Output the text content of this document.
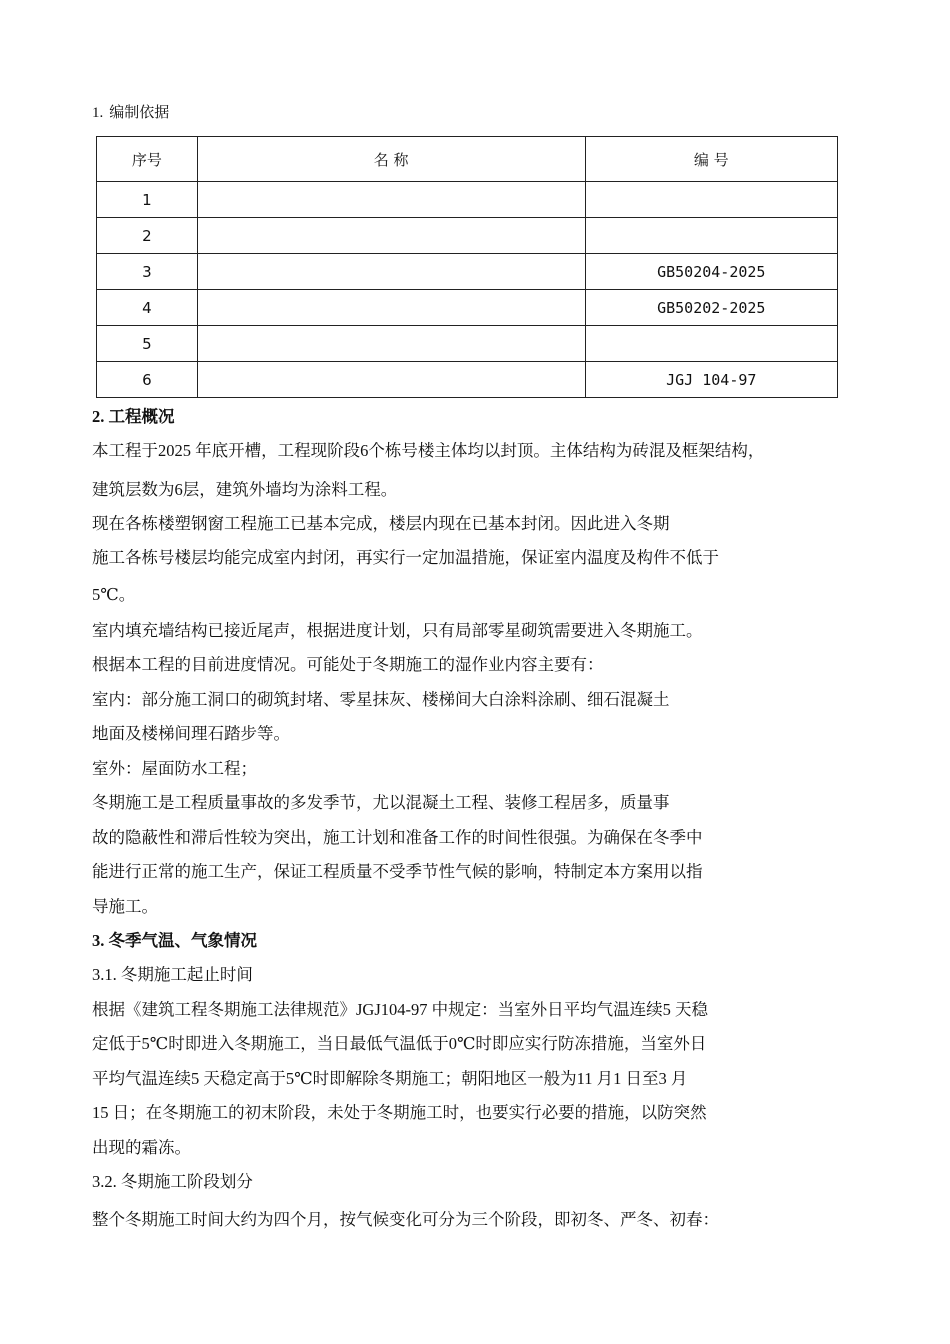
1. 编制依据
序号	名 称	编 号
1		
2		
3		GB50204-2025
4		GB50202-2025
5		
6		JGJ 104-97
2. 工程概况
本工程于2025 年底开槽，工程现阶段6个栋号楼主体均以封顶。主体结构为砖混及框架结构，
建筑层数为6层，建筑外墙均为涂料工程。
现在各栋楼塑钢窗工程施工已基本完成，楼层内现在已基本封闭。因此进入冬期
施工各栋号楼层均能完成室内封闭，再实行一定加温措施，保证室内温度及构件不低于
5℃。
室内填充墙结构已接近尾声，根据进度计划，只有局部零星砌筑需要进入冬期施工。
根据本工程的目前进度情况。可能处于冬期施工的湿作业内容主要有：
室内：部分施工洞口的砌筑封堵、零星抹灰、楼梯间大白涂料涂刷、细石混凝土
地面及楼梯间理石踏步等。
室外：屋面防水工程；
冬期施工是工程质量事故的多发季节，尤以混凝土工程、装修工程居多，质量事
故的隐蔽性和滞后性较为突出，施工计划和准备工作的时间性很强。为确保在冬季中
能进行正常的施工生产，保证工程质量不受季节性气候的影响，特制定本方案用以指
导施工。
3. 冬季气温、气象情况
3.1. 冬期施工起止时间
根据《建筑工程冬期施工法律规范》JGJ104-97 中规定：当室外日平均气温连续5 天稳
定低于5℃时即进入冬期施工，当日最低气温低于0℃时即应实行防冻措施，当室外日
平均气温连续5 天稳定高于5℃时即解除冬期施工；朝阳地区一般为11 月1 日至3 月
15 日；在冬期施工的初末阶段，未处于冬期施工时，也要实行必要的措施，以防突然
出现的霜冻。
3.2. 冬期施工阶段划分
整个冬期施工时间大约为四个月，按气候变化可分为三个阶段，即初冬、严冬、初春：
